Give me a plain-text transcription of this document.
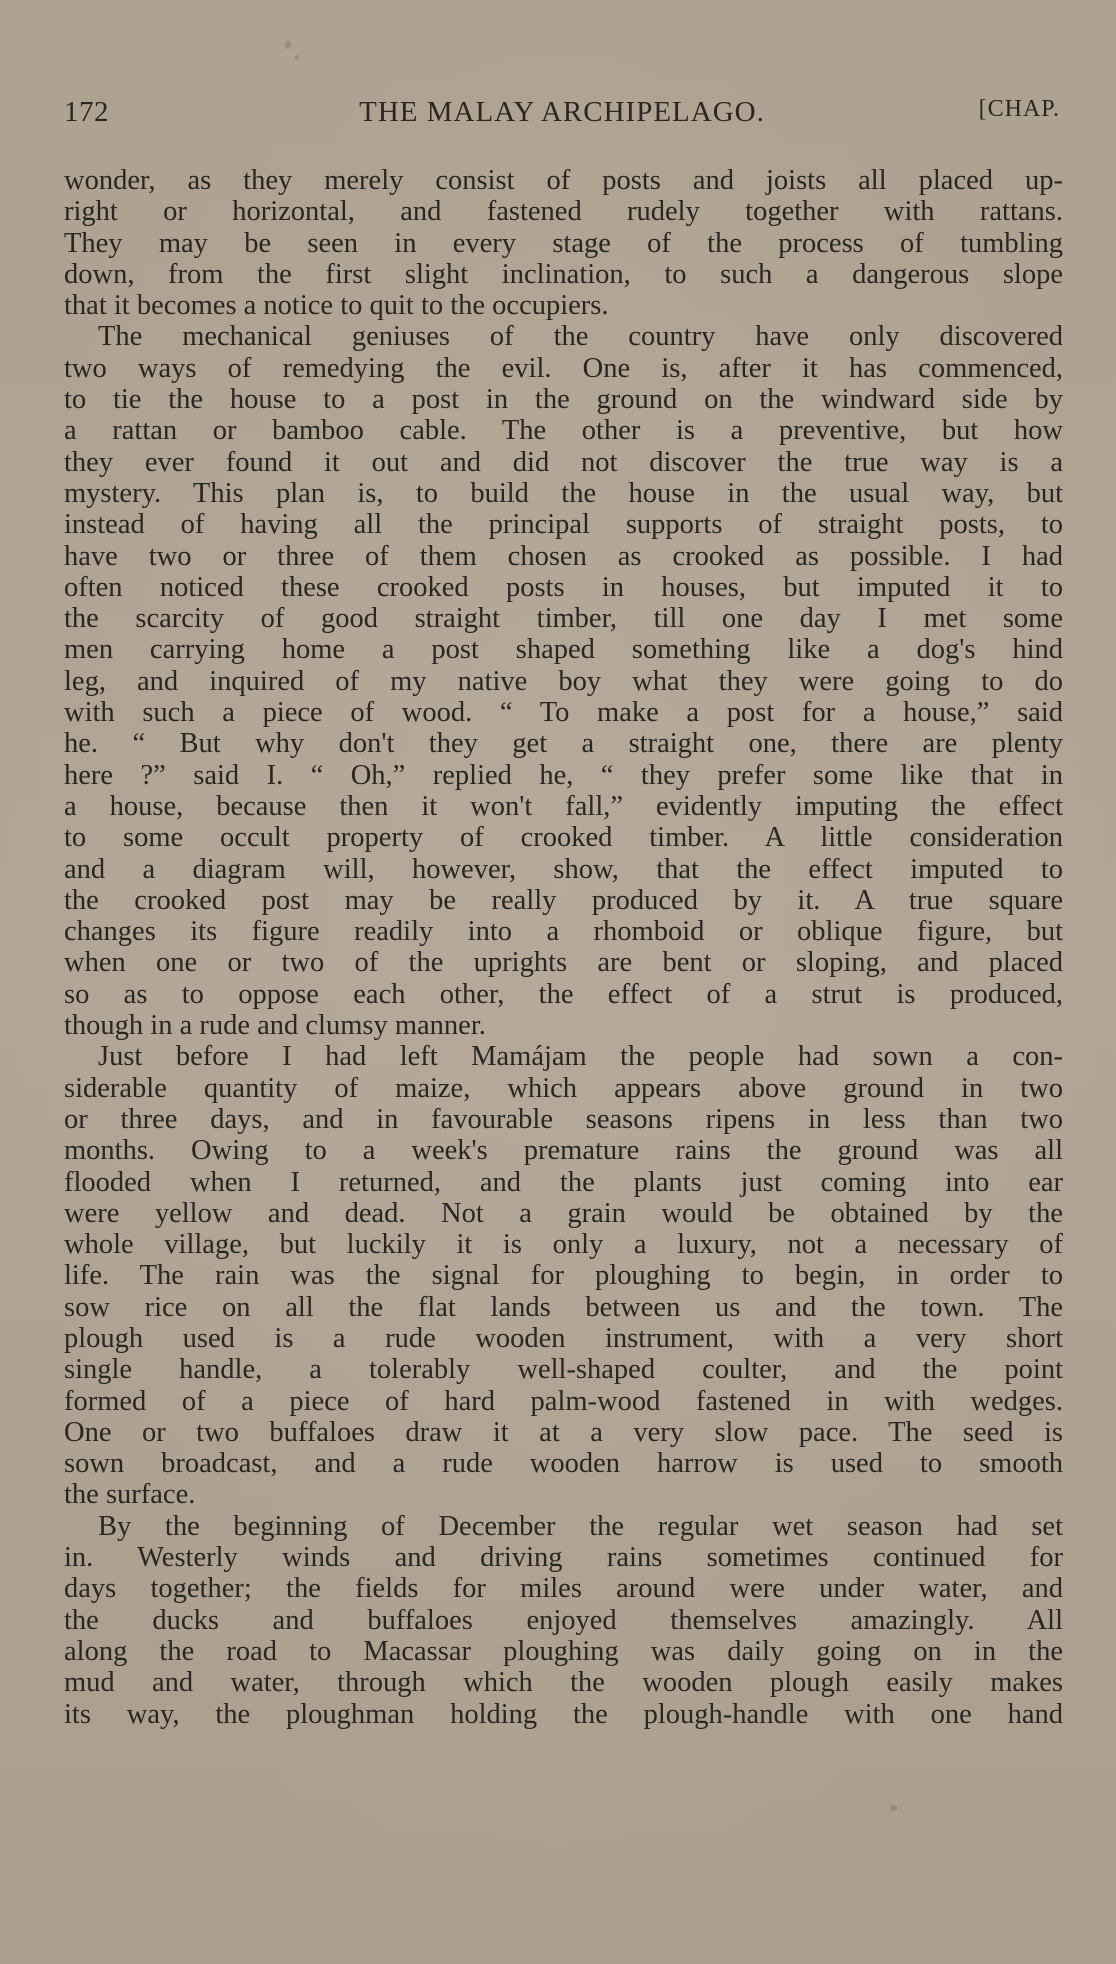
172	THE MALAY ARCHIPELAGO.	[CHAP.
wonder, as they merely consist of posts and joists all placed up-
right or horizontal, and fastened rudely together with rattans.
They may be seen in every stage of the process of tumbling
down, from the first slight inclination, to such a dangerous slope
that it becomes a notice to quit to the occupiers.
The mechanical geniuses of the country have only discovered
two ways of remedying the evil. One is, after it has commenced,
to tie the house to a post in the ground on the windward side by
a rattan or bamboo cable. The other is a preventive, but how
they ever found it out and did not discover the true way is a
mystery. This plan is, to build the house in the usual way, but
instead of having all the principal supports of straight posts, to
have two or three of them chosen as crooked as possible. I had
often noticed these crooked posts in houses, but imputed it to
the scarcity of good straight timber, till one day I met some
men carrying home a post shaped something like a dog's hind
leg, and inquired of my native boy what they were going to do
with such a piece of wood. “ To make a post for a house,” said
he. “ But why don't they get a straight one, there are plenty
here ?” said I. “ Oh,” replied he, “ they prefer some like that in
a house, because then it won't fall,” evidently imputing the effect
to some occult property of crooked timber. A little consideration
and a diagram will, however, show, that the effect imputed to
the crooked post may be really produced by it. A true square
changes its figure readily into a rhomboid or oblique figure, but
when one or two of the uprights are bent or sloping, and placed
so as to oppose each other, the effect of a strut is produced,
though in a rude and clumsy manner.
Just before I had left Mamájam the people had sown a con-
siderable quantity of maize, which appears above ground in two
or three days, and in favourable seasons ripens in less than two
months. Owing to a week's premature rains the ground was all
flooded when I returned, and the plants just coming into ear
were yellow and dead. Not a grain would be obtained by the
whole village, but luckily it is only a luxury, not a necessary of
life. The rain was the signal for ploughing to begin, in order to
sow rice on all the flat lands between us and the town. The
plough used is a rude wooden instrument, with a very short
single handle, a tolerably well-shaped coulter, and the point
formed of a piece of hard palm-wood fastened in with wedges.
One or two buffaloes draw it at a very slow pace. The seed is
sown broadcast, and a rude wooden harrow is used to smooth
the surface.
By the beginning of December the regular wet season had set
in. Westerly winds and driving rains sometimes continued for
days together; the fields for miles around were under water, and
the ducks and buffaloes enjoyed themselves amazingly. All
along the road to Macassar ploughing was daily going on in the
mud and water, through which the wooden plough easily makes
its way, the ploughman holding the plough-handle with one hand
